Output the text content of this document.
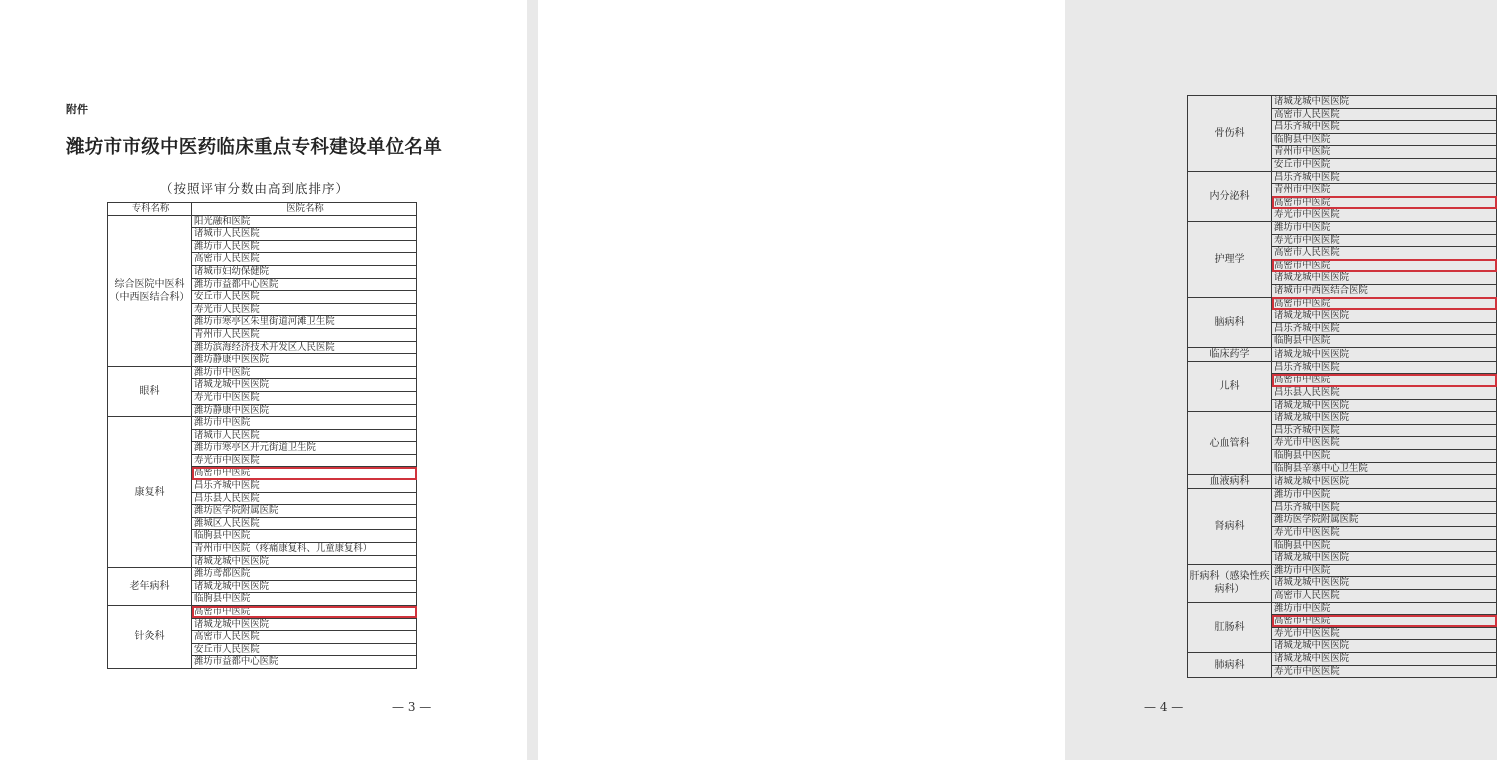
附件
潍坊市市级中医药临床重点专科建设单位名单
（按照评审分数由高到底排序）
专科名称	医院名称
综合医院中医科（中西医结合科）	阳光融和医院
	诸城市人民医院
	潍坊市人民医院
	高密市人民医院
	诸城市妇幼保健院
	潍坊市益都中心医院
	安丘市人民医院
	寿光市人民医院
	潍坊市寒亭区朱里街道河滩卫生院
	青州市人民医院
	潍坊滨海经济技术开发区人民医院
	潍坊静康中医医院
眼科	潍坊市中医院
	诸城龙城中医医院
	寿光市中医医院
	潍坊静康中医医院
康复科	潍坊市中医院
	诸城市人民医院
	潍坊市寒亭区开元街道卫生院
	寿光市中医医院
	高密市中医院
	昌乐齐城中医院
	昌乐县人民医院
	潍坊医学院附属医院
	潍城区人民医院
	临朐县中医院
	青州市中医院（疼痛康复科、儿童康复科）
	诸城龙城中医医院
老年病科	潍坊鸢都医院
	诸城龙城中医医院
	临朐县中医院
针灸科	高密市中医院
	诸城龙城中医医院
	高密市人民医院
	安丘市人民医院
	潍坊市益都中心医院
— 3 —
骨伤科	诸城龙城中医医院
	高密市人民医院
	昌乐齐城中医院
	临朐县中医院
	青州市中医院
	安丘市中医院
内分泌科	昌乐齐城中医院
	青州市中医院
	高密市中医院
	寿光市中医医院
护理学	潍坊市中医院
	寿光市中医医院
	高密市人民医院
	高密市中医院
	诸城龙城中医医院
	诸城市中西医结合医院
脑病科	高密市中医院
	诸城龙城中医医院
	昌乐齐城中医院
	临朐县中医院
临床药学	诸城龙城中医医院
儿科	昌乐齐城中医院
	高密市中医院
	昌乐县人民医院
	诸城龙城中医医院
心血管科	诸城龙城中医医院
	昌乐齐城中医院
	寿光市中医医院
	临朐县中医院
	临朐县辛寨中心卫生院
血液病科	诸城龙城中医医院
肾病科	潍坊市中医院
	昌乐齐城中医院
	潍坊医学院附属医院
	寿光市中医医院
	临朐县中医院
	诸城龙城中医医院
肝病科（感染性疾病科）	潍坊市中医院
	诸城龙城中医医院
	高密市人民医院
肛肠科	潍坊市中医院
	高密市中医院
	寿光市中医医院
	诸城龙城中医医院
肺病科	诸城龙城中医医院
	寿光市中医医院
— 4 —
